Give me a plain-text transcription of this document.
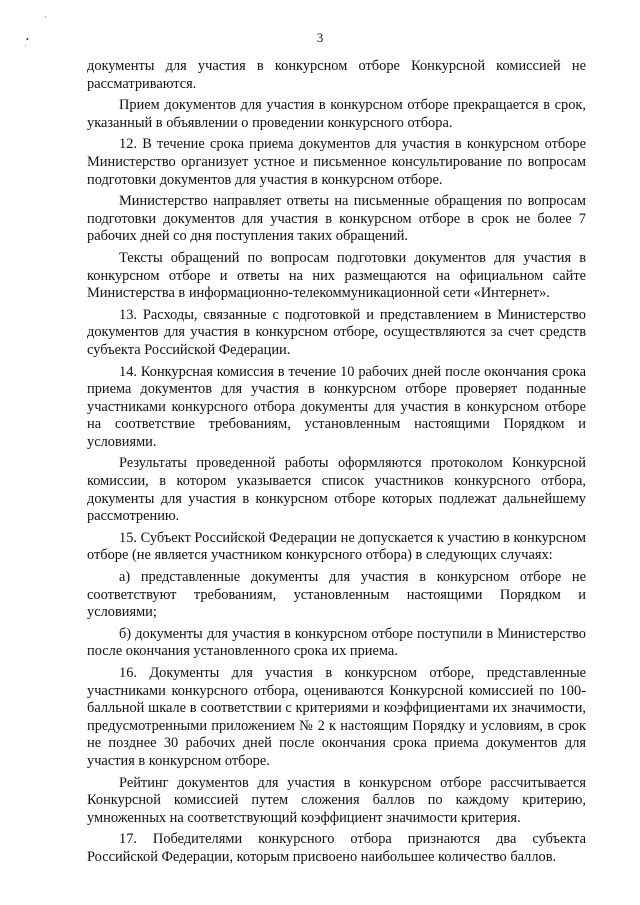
·
•
˙
3

документы для участия в конкурсном отборе Конкурсной комиссией не рассматриваются.

Прием документов для участия в конкурсном отборе прекращается в срок, указанный в объявлении о проведении конкурсного отбора.

12. В течение срока приема документов для участия в конкурсном отборе Министерство организует устное и письменное консультирование по вопросам подготовки документов для участия в конкурсном отборе.

Министерство направляет ответы на письменные обращения по вопросам подготовки документов для участия в конкурсном отборе в срок не более 7 рабочих дней со дня поступления таких обращений.

Тексты обращений по вопросам подготовки документов для участия в конкурсном отборе и ответы на них размещаются на официальном сайте Министерства в информационно-телекоммуникационной сети «Интернет».

13. Расходы, связанные с подготовкой и представлением в Министерство документов для участия в конкурсном отборе, осуществляются за счет средств субъекта Российской Федерации.

14. Конкурсная комиссия в течение 10 рабочих дней после окончания срока приема документов для участия в конкурсном отборе проверяет поданные участниками конкурсного отбора документы для участия в конкурсном отборе на соответствие требованиям, установленным настоящими Порядком и условиями.

Результаты проведенной работы оформляются протоколом Конкурсной комиссии, в котором указывается список участников конкурсного отбора, документы для участия в конкурсном отборе которых подлежат дальнейшему рассмотрению.

15. Субъект Российской Федерации не допускается к участию в конкурсном отборе (не является участником конкурсного отбора) в следующих случаях:

а) представленные документы для участия в конкурсном отборе не соответствуют требованиям, установленным настоящими Порядком и условиями;

б) документы для участия в конкурсном отборе поступили в Министерство после окончания установленного срока их приема.

16. Документы для участия в конкурсном отборе, представленные участниками конкурсного отбора, оцениваются Конкурсной комиссией по 100-балльной шкале в соответствии с критериями и коэффициентами их значимости, предусмотренными приложением № 2 к настоящим Порядку и условиям, в срок не позднее 30 рабочих дней после окончания срока приема документов для участия в конкурсном отборе.

Рейтинг документов для участия в конкурсном отборе рассчитывается Конкурсной комиссией путем сложения баллов по каждому критерию, умноженных на соответствующий коэффициент значимости критерия.

17. Победителями конкурсного отбора признаются два субъекта Российской Федерации, которым присвоено наибольшее количество баллов.
